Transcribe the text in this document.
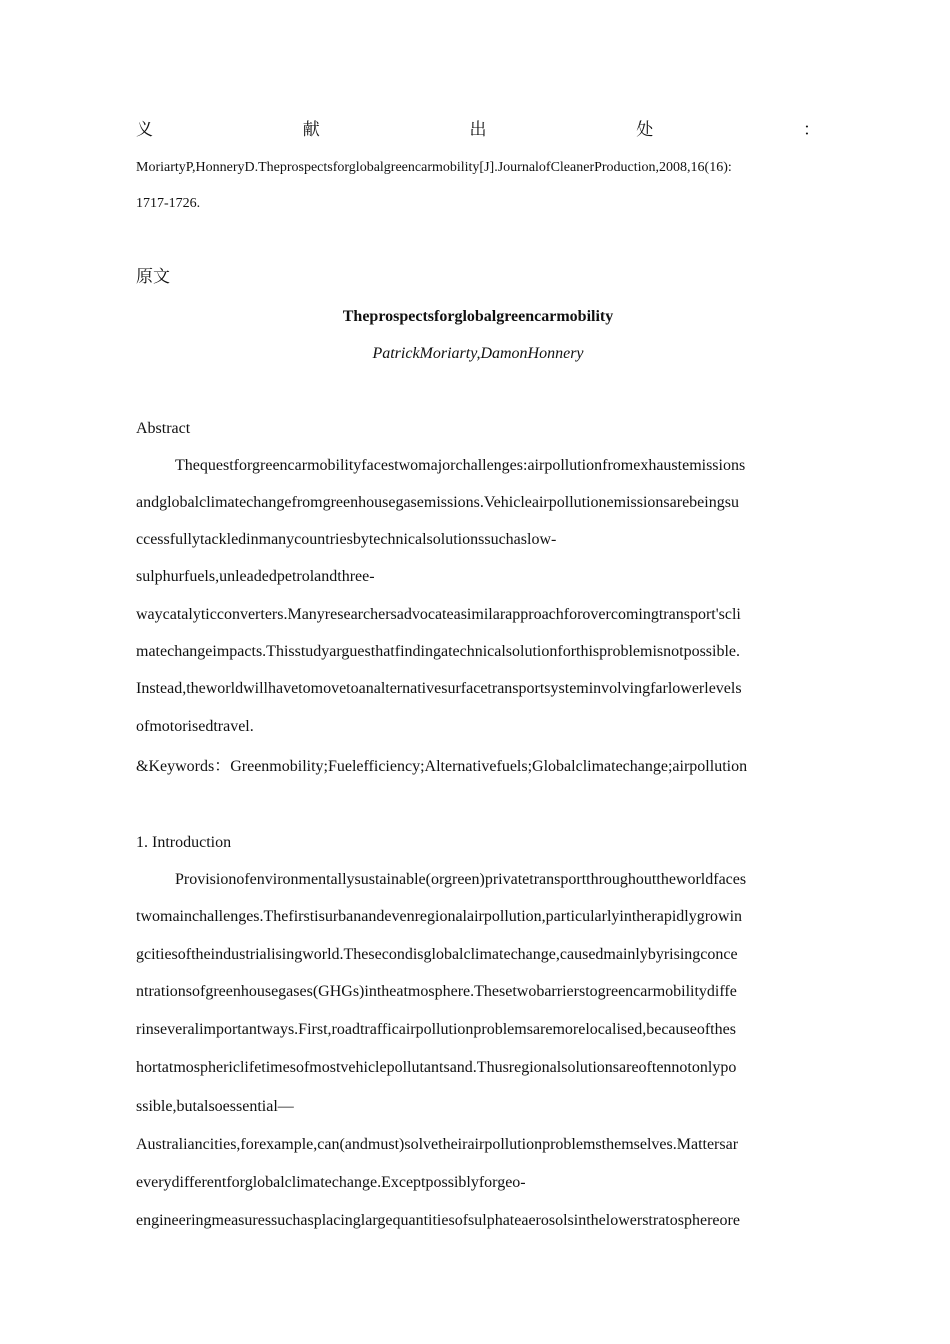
义	献	出	处	：
MoriartyP,HonneryD.Theprospectsforglobalgreencarmobility[J].JournalofCleanerProduction,2008,16(16):
1717-1726.
原文
Theprospectsforglobalgreencarmobility
PatrickMoriarty,DamonHonnery
Abstract
Thequestforgreencarmobilityfacestwomajorchallenges:airpollutionfromexhaustemissions
andglobalclimatechangefromgreenhousegasemissions.Vehicleairpollutionemissionsarebeingsu
ccessfullytackledinmanycountriesbytechnicalsolutionssuchaslow-
sulphurfuels,unleadedpetrolandthree-
waycatalyticconverters.Manyresearchersadvocateasimilarapproachforovercomingtransport'scli
matechangeimpacts.Thisstudyarguesthatfindingatechnicalsolutionforthisproblemisnotpossible.
Instead,theworldwillhavetomovetoanalternativesurfacetransportsysteminvolvingfarlowerlevels
ofmotorisedtravel.
&Keywords：Greenmobility;Fuelefficiency;Alternativefuels;Globalclimatechange;airpollution
1. Introduction
Provisionofenvironmentallysustainable(orgreen)privatetransportthroughouttheworldfaces
twomainchallenges.Thefirstisurbanandevenregionalairpollution,particularlyintherapidlygrowin
gcitiesoftheindustrialisingworld.Thesecondisglobalclimatechange,causedmainlybyrisingconce
ntrationsofgreenhousegases(GHGs)intheatmosphere.Thesetwobarrierstogreencarmobilitydiffe
rinseveralimportantways.First,roadtrafficairpollutionproblemsaremorelocalised,becauseofthes
hortatmosphericlifetimesofmostvehiclepollutantsand.Thusregionalsolutionsareoftennotonlypo
ssible,butalsoessential—
Australiancities,forexample,can(andmust)solvetheirairpollutionproblemsthemselves.Mattersar
everydifferentforglobalclimatechange.Exceptpossiblyforgeo-
engineeringmeasuressuchasplacinglargequantitiesofsulphateaerosolsinthelowerstratosphereore
